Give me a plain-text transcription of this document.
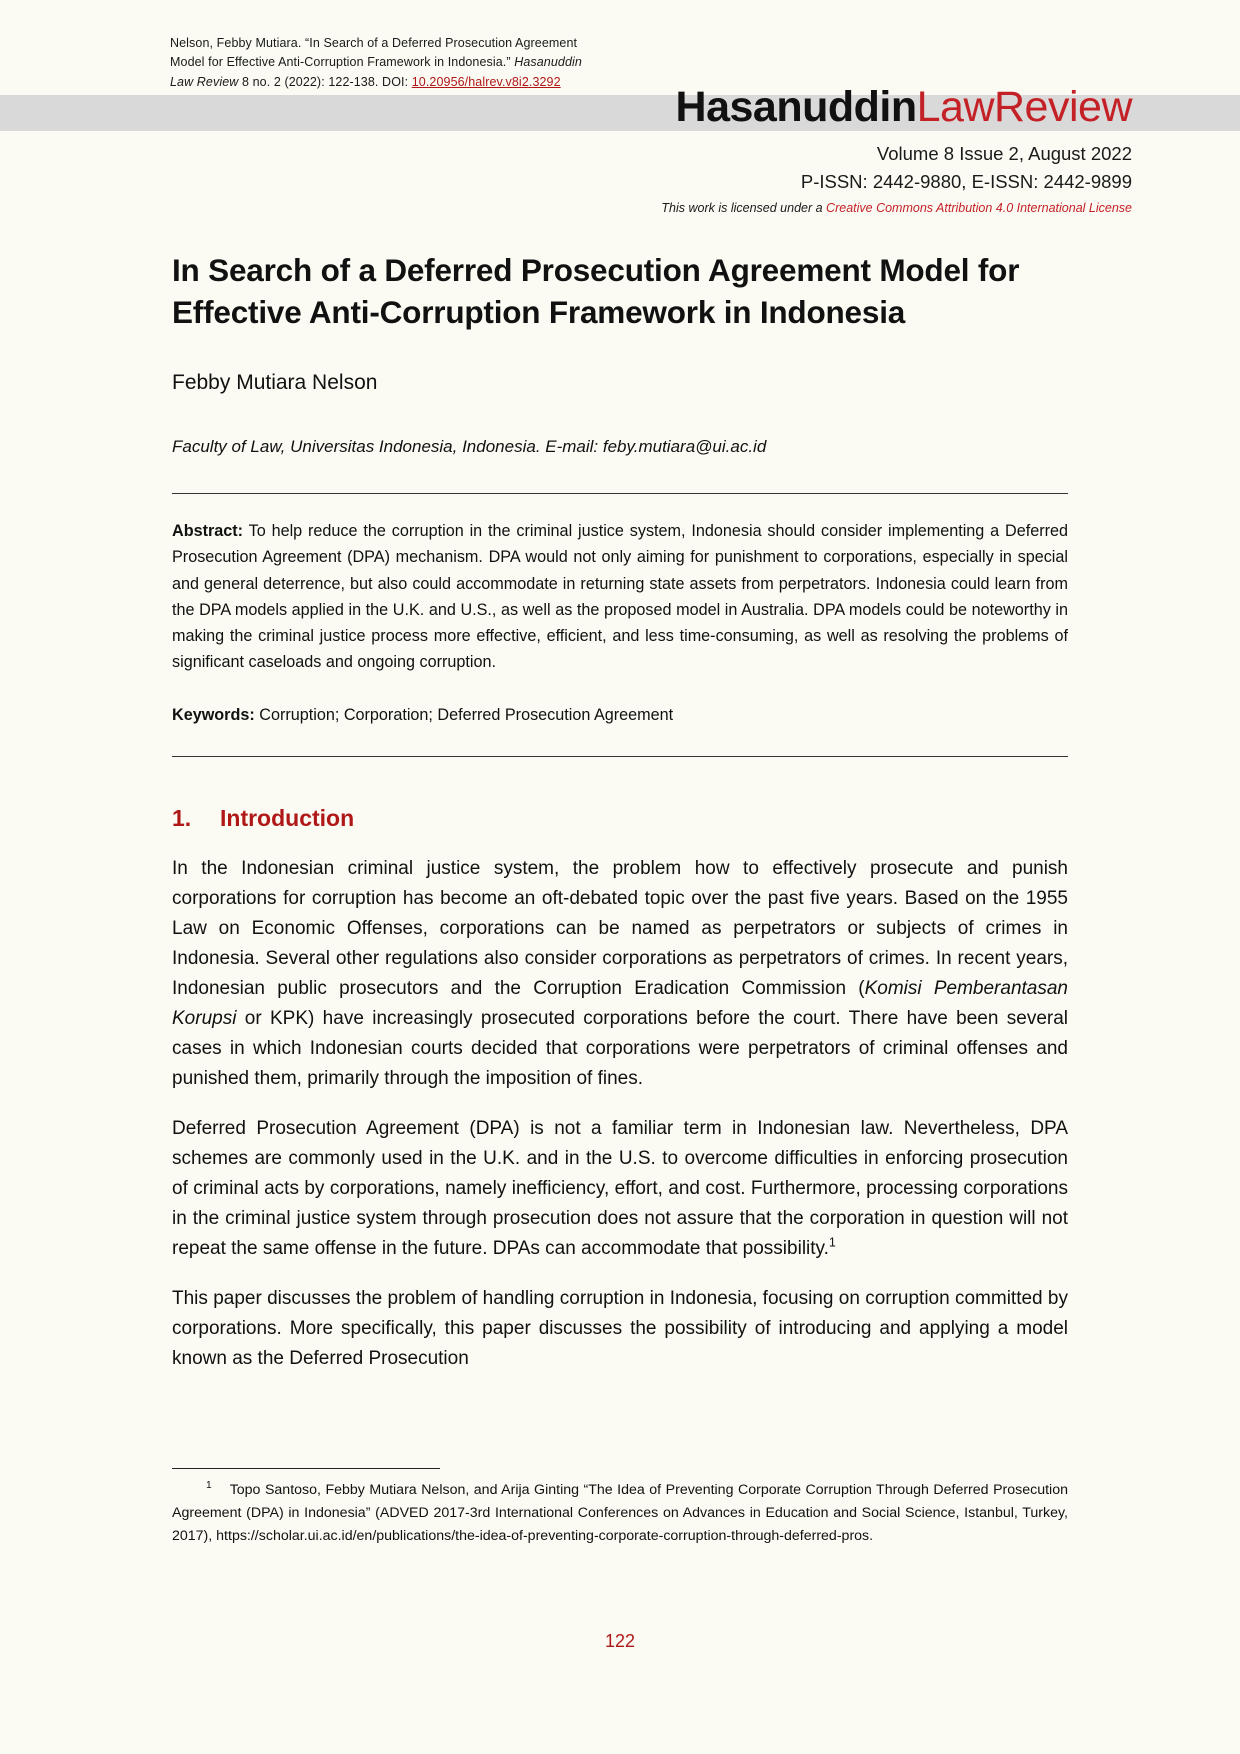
Nelson, Febby Mutiara. “In Search of a Deferred Prosecution Agreement
Model for Effective Anti-Corruption Framework in Indonesia.” Hasanuddin
Law Review 8 no. 2 (2022): 122-138. DOI: 10.20956/halrev.v8i2.3292
HasanuddinLawReview
Volume 8 Issue 2, August 2022
P-ISSN: 2442-9880, E-ISSN: 2442-9899
This work is licensed under a Creative Commons Attribution 4.0 International License
In Search of a Deferred Prosecution Agreement Model for Effective Anti-Corruption Framework in Indonesia
Febby Mutiara Nelson
Faculty of Law, Universitas Indonesia, Indonesia. E-mail: feby.mutiara@ui.ac.id

Abstract: To help reduce the corruption in the criminal justice system, Indonesia should consider implementing a Deferred Prosecution Agreement (DPA) mechanism. DPA would not only aiming for punishment to corporations, especially in special and general deterrence, but also could accommodate in returning state assets from perpetrators. Indonesia could learn from the DPA models applied in the U.K. and U.S., as well as the proposed model in Australia. DPA models could be noteworthy in making the criminal justice process more effective, efficient, and less time-consuming, as well as resolving the problems of significant caseloads and ongoing corruption.

Keywords: Corruption; Corporation; Deferred Prosecution Agreement

1.	Introduction

In the Indonesian criminal justice system, the problem how to effectively prosecute and punish corporations for corruption has become an oft-debated topic over the past five years. Based on the 1955 Law on Economic Offenses, corporations can be named as perpetrators or subjects of crimes in Indonesia. Several other regulations also consider corporations as perpetrators of crimes. In recent years, Indonesian public prosecutors and the Corruption Eradication Commission (Komisi Pemberantasan Korupsi or KPK) have increasingly prosecuted corporations before the court. There have been several cases in which Indonesian courts decided that corporations were perpetrators of criminal offenses and punished them, primarily through the imposition of fines.

Deferred Prosecution Agreement (DPA) is not a familiar term in Indonesian law. Nevertheless, DPA schemes are commonly used in the U.K. and in the U.S. to overcome difficulties in enforcing prosecution of criminal acts by corporations, namely inefficiency, effort, and cost. Furthermore, processing corporations in the criminal justice system through prosecution does not assure that the corporation in question will not repeat the same offense in the future. DPAs can accommodate that possibility.$^1$

This paper discusses the problem of handling corruption in Indonesia, focusing on corruption committed by corporations. More specifically, this paper discusses the possibility of introducing and applying a model known as the Deferred Prosecution

$^1$ Topo Santoso, Febby Mutiara Nelson, and Arija Ginting “The Idea of Preventing Corporate Corruption Through Deferred Prosecution Agreement (DPA) in Indonesia” (ADVED 2017-3rd International Conferences on Advances in Education and Social Science, Istanbul, Turkey, 2017), https://scholar.ui.ac.id/en/publications/the-idea-of-preventing-corporate-corruption-through-deferred-pros.
122
